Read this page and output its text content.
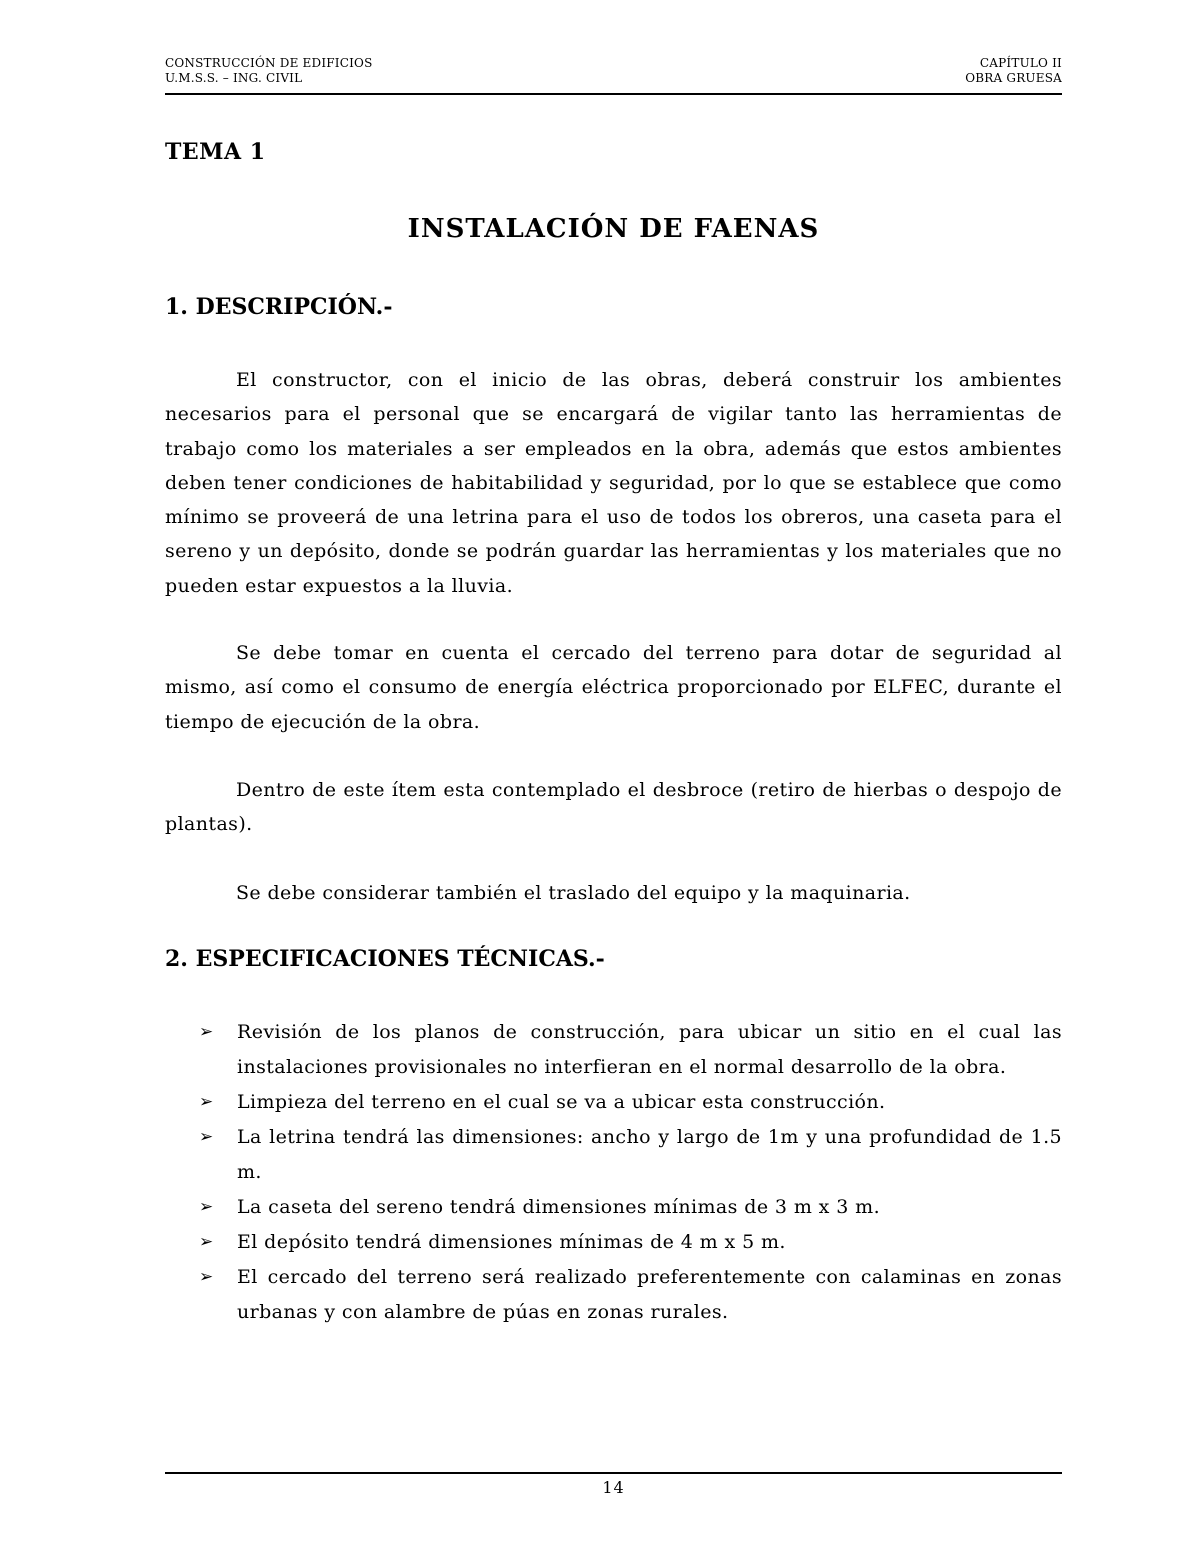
CONSTRUCCIÓN DE EDIFICIOS
U.M.S.S. – ING. CIVIL
CAPÍTULO II
OBRA GRUESA
TEMA 1
INSTALACIÓN DE FAENAS
1. DESCRIPCIÓN.-

El constructor, con el inicio de las obras, deberá construir los ambientes necesarios para el personal que se encargará de vigilar tanto las herramientas de trabajo como los materiales a ser empleados en la obra, además que estos ambientes deben tener condiciones de habitabilidad y seguridad, por lo que se establece que como mínimo se proveerá de una letrina para el uso de todos los obreros, una caseta para el sereno y un depósito, donde se podrán guardar las herramientas y los materiales que no pueden estar expuestos a la lluvia.

Se debe tomar en cuenta el cercado del terreno para dotar de seguridad al mismo, así como el consumo de energía eléctrica proporcionado por ELFEC, durante el tiempo de ejecución de la obra.

Dentro de este ítem esta contemplado el desbroce (retiro de hierbas o despojo de plantas).

Se debe considerar también el traslado del equipo y la maquinaria.

2. ESPECIFICACIONES TÉCNICAS.-
➢ Revisión de los planos de construcción, para ubicar un sitio en el cual las instalaciones provisionales no interfieran en el normal desarrollo de la obra.
➢ Limpieza del terreno en el cual se va a ubicar esta construcción.
➢ La letrina tendrá las dimensiones: ancho y largo de 1m y una profundidad de 1.5 m.
➢ La caseta del sereno tendrá dimensiones mínimas de 3 m x 3 m.
➢ El depósito tendrá dimensiones mínimas de 4 m x 5 m.
➢ El cercado del terreno será realizado preferentemente con calaminas en zonas urbanas y con alambre de púas en zonas rurales.
14
